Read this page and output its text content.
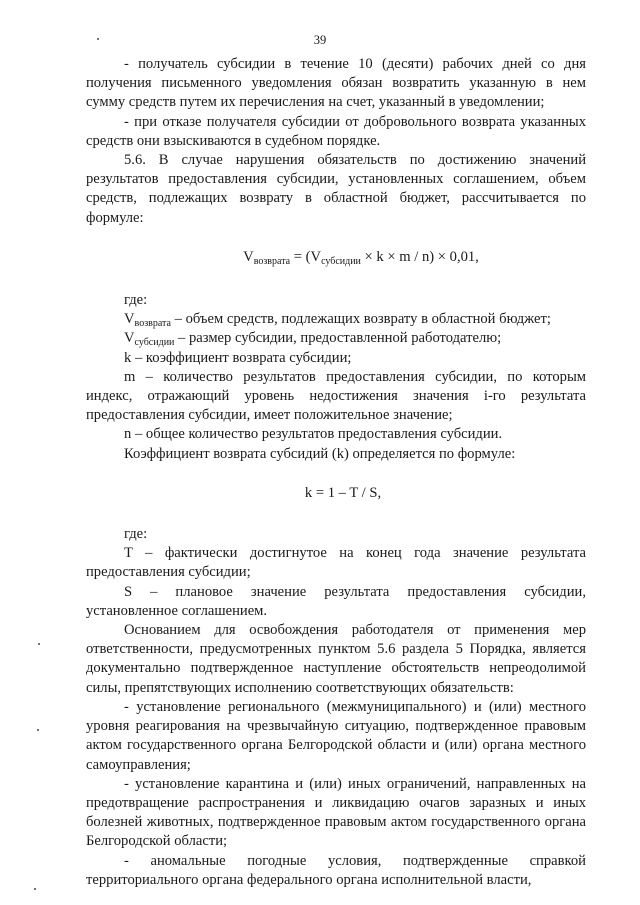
39

- получатель субсидии в течение 10 (десяти) рабочих дней со дня получения письменного уведомления обязан возвратить указанную в нем сумму средств путем их перечисления на счет, указанный в уведомлении;

- при отказе получателя субсидии от добровольного возврата указанных средств они взыскиваются в судебном порядке.

5.6. В случае нарушения обязательств по достижению значений результатов предоставления субсидии, установленных соглашением, объем средств, подлежащих возврату в областной бюджет, рассчитывается по формуле:

$V_{возврата} = (V_{субсидии} \times k \times m / n) \times 0,01$,

где:

$V_{возврата}$ – объем средств, подлежащих возврату в областной бюджет;

$V_{субсидии}$ – размер субсидии, предоставленной работодателю;

k – коэффициент возврата субсидии;

m – количество результатов предоставления субсидии, по которым индекс, отражающий уровень недостижения значения i-го результата предоставления субсидии, имеет положительное значение;

n – общее количество результатов предоставления субсидии.

Коэффициент возврата субсидий (k) определяется по формуле:

k = 1 – T / S,

где:

T – фактически достигнутое на конец года значение результата предоставления субсидии;

S – плановое значение результата предоставления субсидии, установленное соглашением.

Основанием для освобождения работодателя от применения мер ответственности, предусмотренных пунктом 5.6 раздела 5 Порядка, является документально подтвержденное наступление обстоятельств непреодолимой силы, препятствующих исполнению соответствующих обязательств:

- установление регионального (межмуниципального) и (или) местного уровня реагирования на чрезвычайную ситуацию, подтвержденное правовым актом государственного органа Белгородской области и (или) органа местного самоуправления;

- установление карантина и (или) иных ограничений, направленных на предотвращение распространения и ликвидацию очагов заразных и иных болезней животных, подтвержденное правовым актом государственного органа Белгородской области;

- аномальные погодные условия, подтвержденные справкой территориального органа федерального органа исполнительной власти,
